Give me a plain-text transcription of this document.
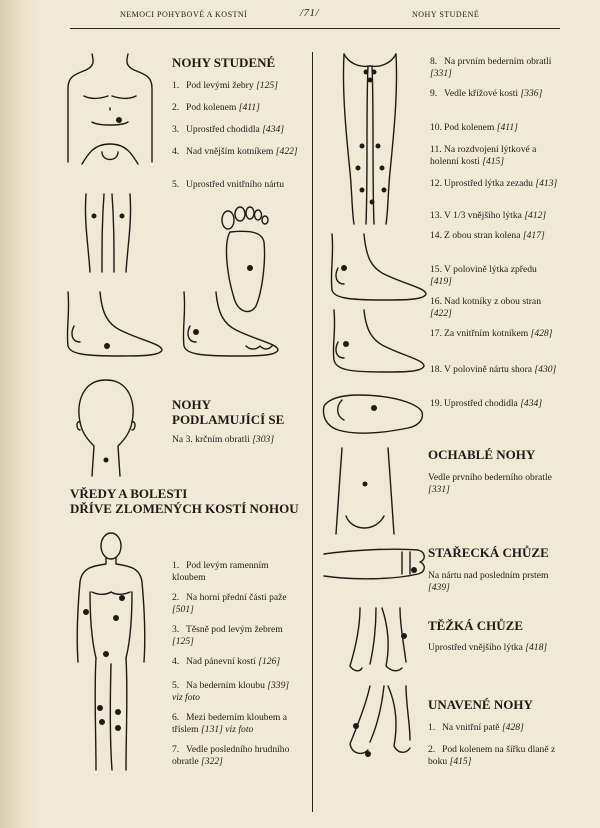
NEMOCI POHYBOVÉ A KOSTNÍ	/71/	NOHY STUDENÉ
NOHY STUDENÉ
1. Pod levými žebry [125]
2. Pod kolenem [411]
3. Uprostřed chodidla [434]
4. Nad vnějším kotníkem [422]
5. Uprostřed vnitřního nártu
NOHY
PODLAMUJÍCÍ SE
Na 3. krčním obratli [303]
VŘEDY A BOLESTI
DŘÍVE ZLOMENÝCH KOSTÍ NOHOU
1. Pod levým ramenním kloubem
2. Na horní přední části paže [501]
3. Těsně pod levým žebrem [125]
4. Nad pánevní kostí [126]
5. Na bederním kloubu [339] viz foto
6. Mezi bederním kloubem a tříslem [131] viz foto
7. Vedle posledního hrudního obratle [322]
8. Na prvním bederním obratli [331]
9. Vedle křížové kosti [336]
10. Pod kolenem [411]
11. Na rozdvojení lýtkové a holenní kosti [415]
12. Uprostřed lýtka zezadu [413]
13. V 1/3 vnějšího lýtka [412]
14. Z obou stran kolena [417]
15. V polovině lýtka zpředu [419]
16. Nad kotníky z obou stran [422]
17. Za vnitřním kotníkem [428]
18. V polovině nártu shora [430]
19. Uprostřed chodidla [434]
OCHABLÉ NOHY
Vedle prvního bederního obratle [331]
STAŘECKÁ CHŮZE
Na nártu nad posledním prstem [439]
TĚŽKÁ CHŮZE
Uprostřed vnějšího lýtka [418]
UNAVENÉ NOHY
1. Na vnitřní patě [428]
2. Pod kolenem na šířku dlaně z boku [415]
